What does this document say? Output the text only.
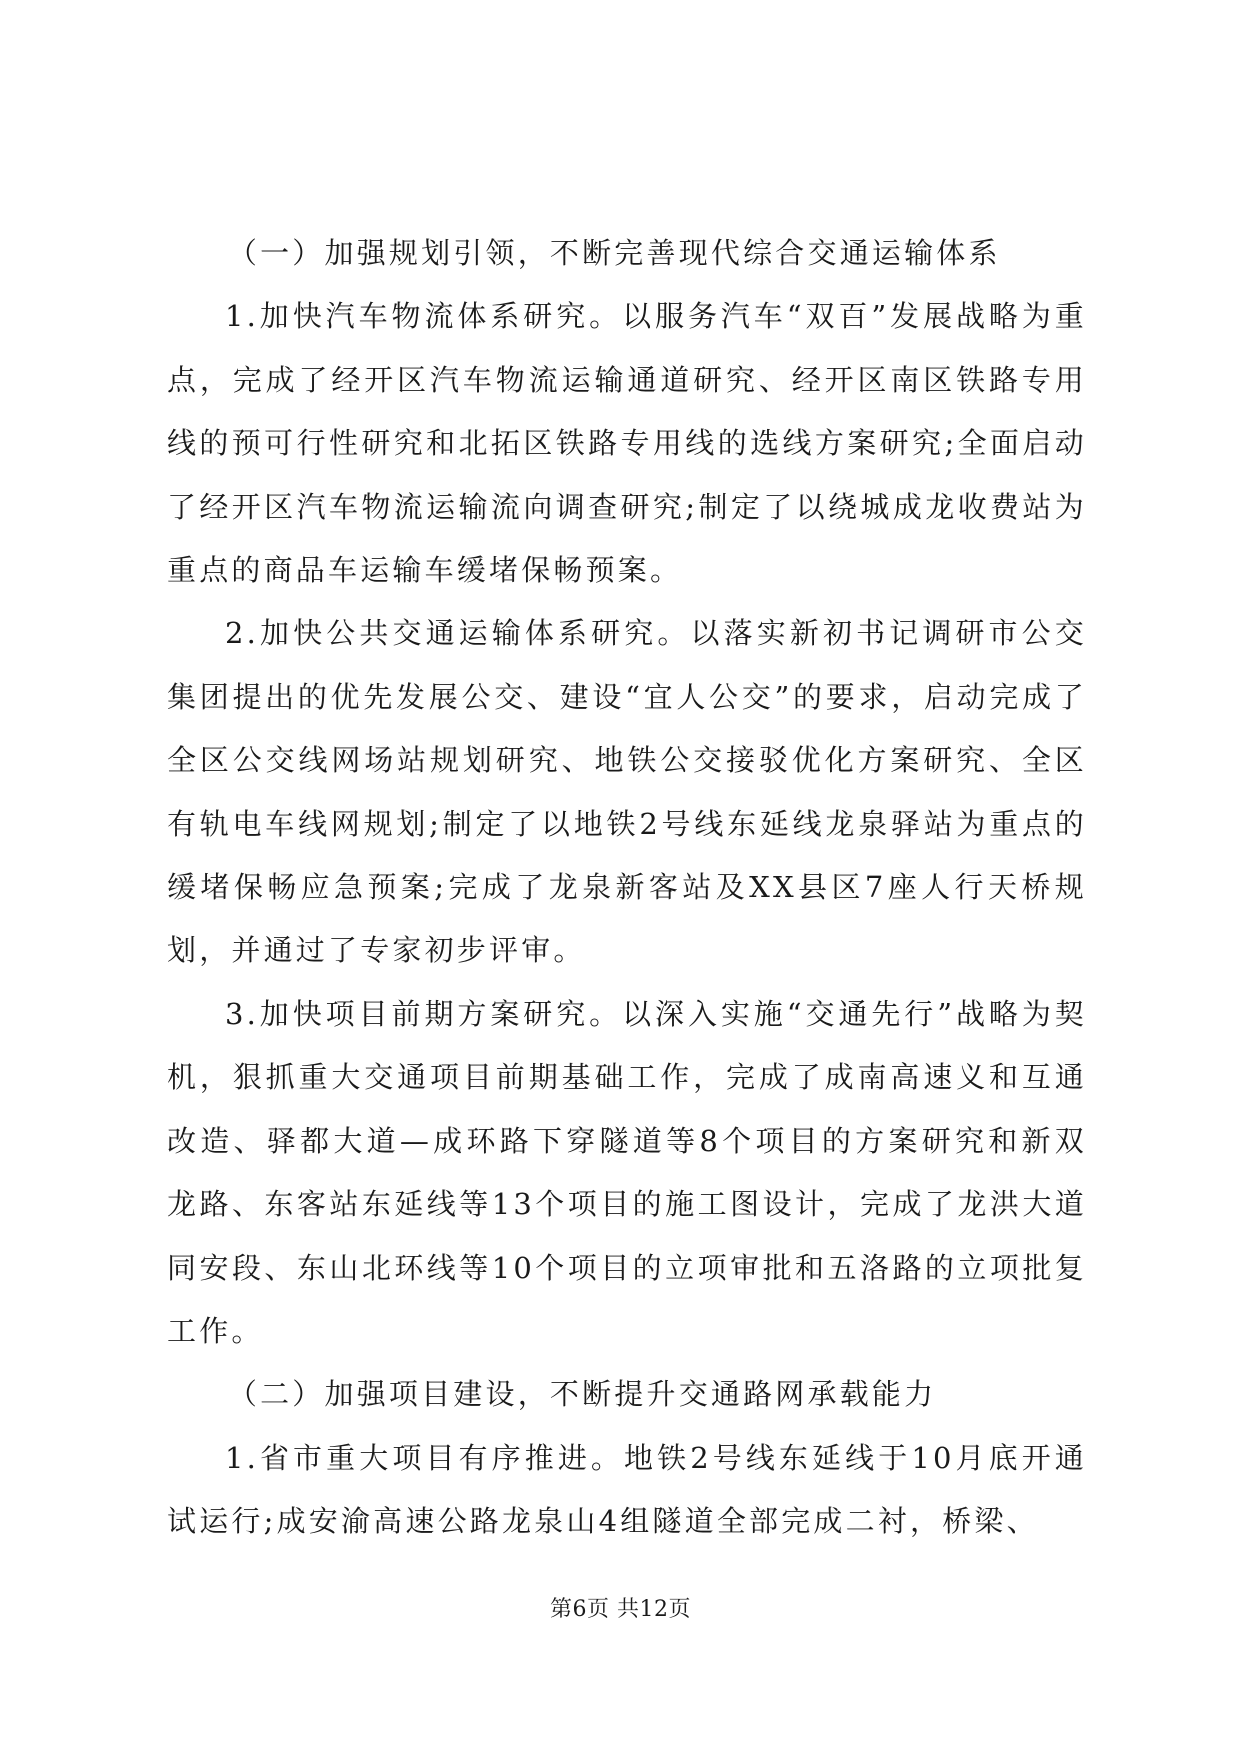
（一）加强规划引领，不断完善现代综合交通运输体系

1.加快汽车物流体系研究。以服务汽车“双百”发展战略为重点，完成了经开区汽车物流运输通道研究、经开区南区铁路专用线的预可行性研究和北拓区铁路专用线的选线方案研究;全面启动了经开区汽车物流运输流向调查研究;制定了以绕城成龙收费站为重点的商品车运输车缓堵保畅预案。

2.加快公共交通运输体系研究。以落实新初书记调研市公交集团提出的优先发展公交、建设“宜人公交”的要求，启动完成了全区公交线网场站规划研究、地铁公交接驳优化方案研究、全区有轨电车线网规划;制定了以地铁2号线东延线龙泉驿站为重点的缓堵保畅应急预案;完成了龙泉新客站及XX县区7座人行天桥规划，并通过了专家初步评审。

3.加快项目前期方案研究。以深入实施“交通先行”战略为契机，狠抓重大交通项目前期基础工作，完成了成南高速义和互通改造、驿都大道—成环路下穿隧道等8个项目的方案研究和新双龙路、东客站东延线等13个项目的施工图设计，完成了龙洪大道同安段、东山北环线等10个项目的立项审批和五洛路的立项批复工作。

（二）加强项目建设，不断提升交通路网承载能力

1.省市重大项目有序推进。地铁2号线东延线于10月底开通试运行;成安渝高速公路龙泉山4组隧道全部完成二衬，桥梁、

第6页 共12页
